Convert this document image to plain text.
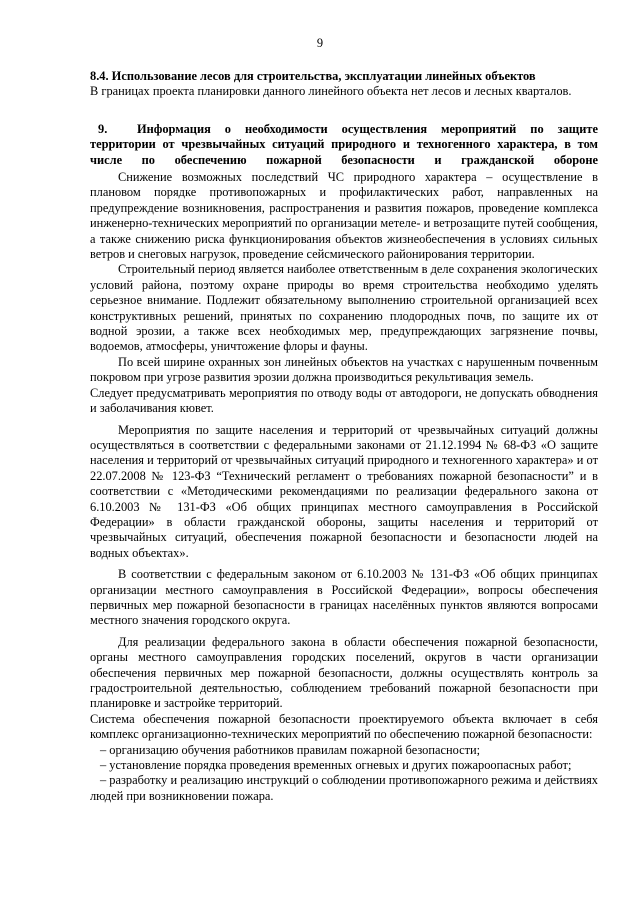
9
8.4. Использование лесов для строительства, эксплуатации линейных объектов

В границах проекта планировки данного линейного объекта нет лесов и лесных кварталов.

9. Информация о необходимости осуществления мероприятий по защите территории от чрезвычайных ситуаций природного и техногенного характера, в том числе по обеспечению пожарной безопасности и гражданской обороне

Снижение возможных последствий ЧС природного характера – осуществление в плановом порядке противопожарных и профилактических работ, направленных на предупреждение возникновения, распространения и развития пожаров, проведение комплекса инженерно-технических мероприятий по организации метеле- и ветрозащите путей сообщения, а также снижению риска функционирования объектов жизнеобеспечения в условиях сильных ветров и снеговых нагрузок, проведение сейсмического районирования территории.

Строительный период является наиболее ответственным в деле сохранения экологических условий района, поэтому охране природы во время строительства необходимо уделять серьезное внимание. Подлежит обязательному выполнению строительной организацией всех конструктивных решений, принятых по сохранению плодородных почв, по защите их от водной эрозии, а также всех необходимых мер, предупреждающих загрязнение почвы, водоемов, атмосферы, уничтожение флоры и фауны.

По всей ширине охранных зон линейных объектов на участках с нарушенным почвенным покровом при угрозе развития эрозии должна производиться рекультивация земель.

Следует предусматривать мероприятия по отводу воды от автодороги, не допускать обводнения и заболачивания кювет.

Мероприятия по защите населения и территорий от чрезвычайных ситуаций должны осуществляться в соответствии с федеральными законами от 21.12.1994 № 68-ФЗ «О защите населения и территорий от чрезвычайных ситуаций природного и техногенного характера» и от 22.07.2008 № 123-ФЗ “Технический регламент о требованиях пожарной безопасности” и в соответствии с «Методическими рекомендациями по реализации федерального закона от 6.10.2003 № 131-ФЗ «Об общих принципах местного самоуправления в Российской Федерации» в области гражданской обороны, защиты населения и территорий от чрезвычайных ситуаций, обеспечения пожарной безопасности и безопасности людей на водных объектах».

В соответствии с федеральным законом от 6.10.2003 № 131-ФЗ «Об общих принципах организации местного самоуправления в Российской Федерации», вопросы обеспечения первичных мер пожарной безопасности в границах населённых пунктов являются вопросами местного значения городского округа.

Для реализации федерального закона в области обеспечения пожарной безопасности, органы местного самоуправления городских поселений, округов в части организации обеспечения первичных мер пожарной безопасности, должны осуществлять контроль за градостроительной деятельностью, соблюдением требований пожарной безопасности при планировке и застройке территорий.

Система обеспечения пожарной безопасности проектируемого объекта включает в себя комплекс организационно-технических мероприятий по обеспечению пожарной безопасности:

– организацию обучения работников правилам пожарной безопасности;

– установление порядка проведения временных огневых и других пожароопасных работ;

– разработку и реализацию инструкций о соблюдении противопожарного режима и действиях людей при возникновении пожара.
